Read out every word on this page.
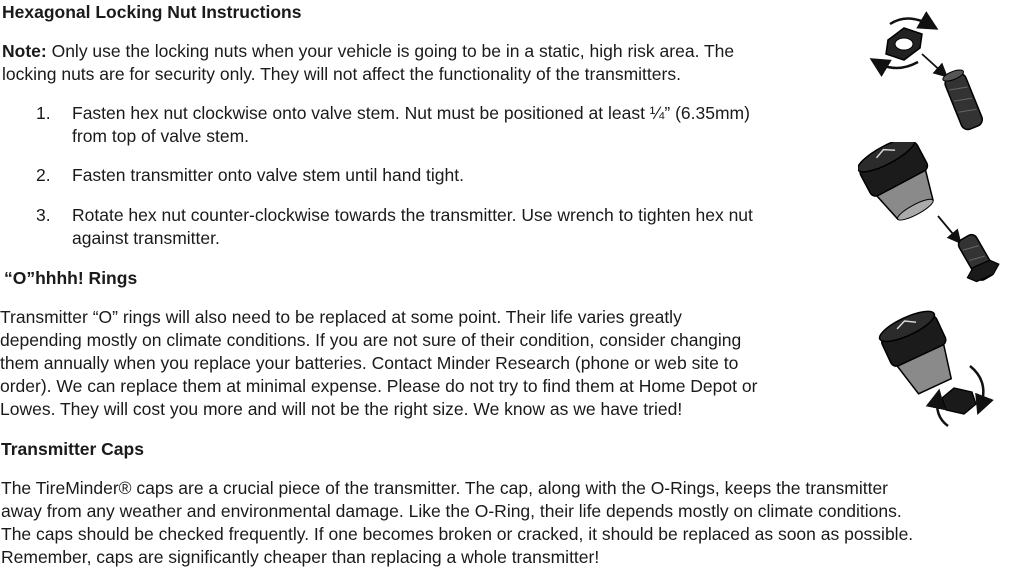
Hexagonal Locking Nut Instructions

Note: Only use the locking nuts when your vehicle is going to be in a static, high risk area. The

locking nuts are for security only. They will not affect the functionality of the transmitters.

1. Fasten hex nut clockwise onto valve stem. Nut must be positioned at least ¼” (6.35mm)

from top of valve stem.

2. Fasten transmitter onto valve stem until hand tight.

3. Rotate hex nut counter-clockwise towards the transmitter. Use wrench to tighten hex nut

against transmitter.

“O”hhhh! Rings

Transmitter “O” rings will also need to be replaced at some point. Their life varies greatly

depending mostly on climate conditions. If you are not sure of their condition, consider changing

them annually when you replace your batteries. Contact Minder Research (phone or web site to

order). We can replace them at minimal expense. Please do not try to find them at Home Depot or

Lowes. They will cost you more and will not be the right size. We know as we have tried!

Transmitter Caps

The TireMinder® caps are a crucial piece of the transmitter. The cap, along with the O-Rings, keeps the transmitter

away from any weather and environmental damage. Like the O-Ring, their life depends mostly on climate conditions.

The caps should be checked frequently. If one becomes broken or cracked, it should be replaced as soon as possible.

Remember, caps are significantly cheaper than replacing a whole transmitter!
